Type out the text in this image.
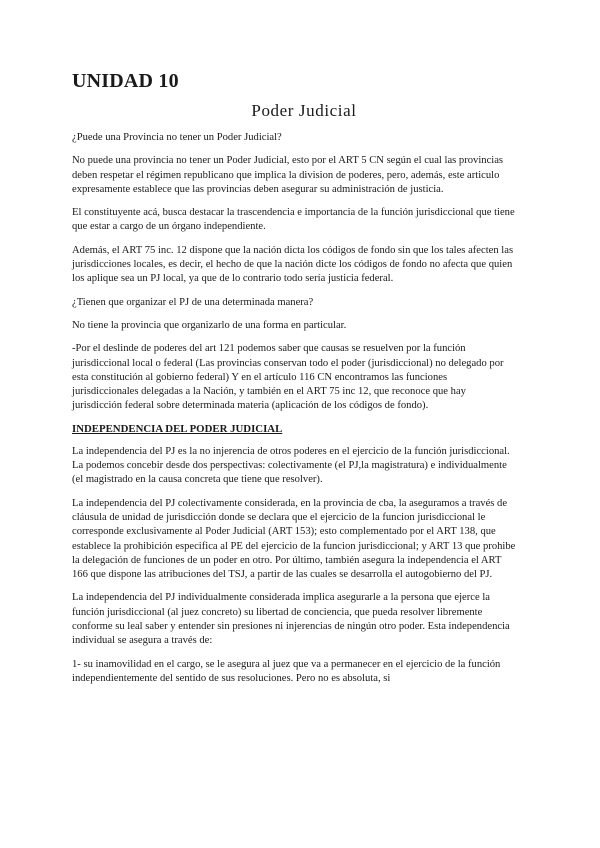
UNIDAD 10
Poder Judicial

¿Puede una Provincia no tener un Poder Judicial?

No puede una provincia no tener un Poder Judicial, esto por el ART 5 CN según el cual las provincias deben respetar el régimen republicano que implica la division de poderes, pero, además, este articulo expresamente establece que las provincias deben asegurar su administración de justicia.

El constituyente acá, busca destacar la trascendencia e importancia de la función jurisdiccional que tiene que estar a cargo de un órgano independiente.

Además, el ART 75 inc. 12 dispone que la nación dicta los códigos de fondo sin que los tales afecten las jurisdicciones locales, es decir, el hecho de que la nación dicte los códigos de fondo no afecta que quien los aplique sea un PJ local, ya que de lo contrario todo sería justicia federal.

¿Tienen que organizar el PJ de una determinada manera?

No tiene la provincia que organizarlo de una forma en particular.

-Por el deslinde de poderes del art 121 podemos saber que causas se resuelven por la función jurisdiccional local o federal (Las provincias conservan todo el poder (jurisdiccional) no delegado por esta constitución al gobierno federal) Y en el artículo 116 CN encontramos las funciones jurisdiccionales delegadas a la Nación, y también en el ART 75 inc 12, que reconoce que hay jurisdicción federal sobre determinada materia (aplicación de los códigos de fondo).

INDEPENDENCIA DEL PODER JUDICIAL

La independencia del PJ es la no injerencia de otros poderes en el ejercicio de la función jurisdiccional. La podemos concebir desde dos perspectivas: colectivamente (el PJ,la magistratura) e individualmente (el magistrado en la causa concreta que tiene que resolver).

La independencia del PJ colectivamente considerada, en la provincia de cba, la aseguramos a través de cláusula de unidad de jurisdicción donde se declara que el ejercicio de la funcion jurisdiccional le corresponde exclusivamente al Poder Judicial (ART 153); esto complementado por el ART 138, que establece la prohibición especifica al PE del ejercicio de la funcion jurisdiccional; y ART 13 que prohibe la delegación de funciones de un poder en otro. Por último, también asegura la independencia el ART 166 que dispone las atribuciones del TSJ, a partir de las cuales se desarrolla el autogobierno del PJ.

La independencia del PJ individualmente considerada implica asegurarle a la persona que ejerce la función jurisdiccional (al juez concreto) su libertad de conciencia, que pueda resolver libremente conforme su leal saber y entender sin presiones ni injerencias de ningún otro poder. Esta independencia individual se asegura a través de:

1- su inamovilidad en el cargo, se le asegura al juez que va a permanecer en el ejercicio de la función independientemente del sentido de sus resoluciones. Pero no es absoluta, si
